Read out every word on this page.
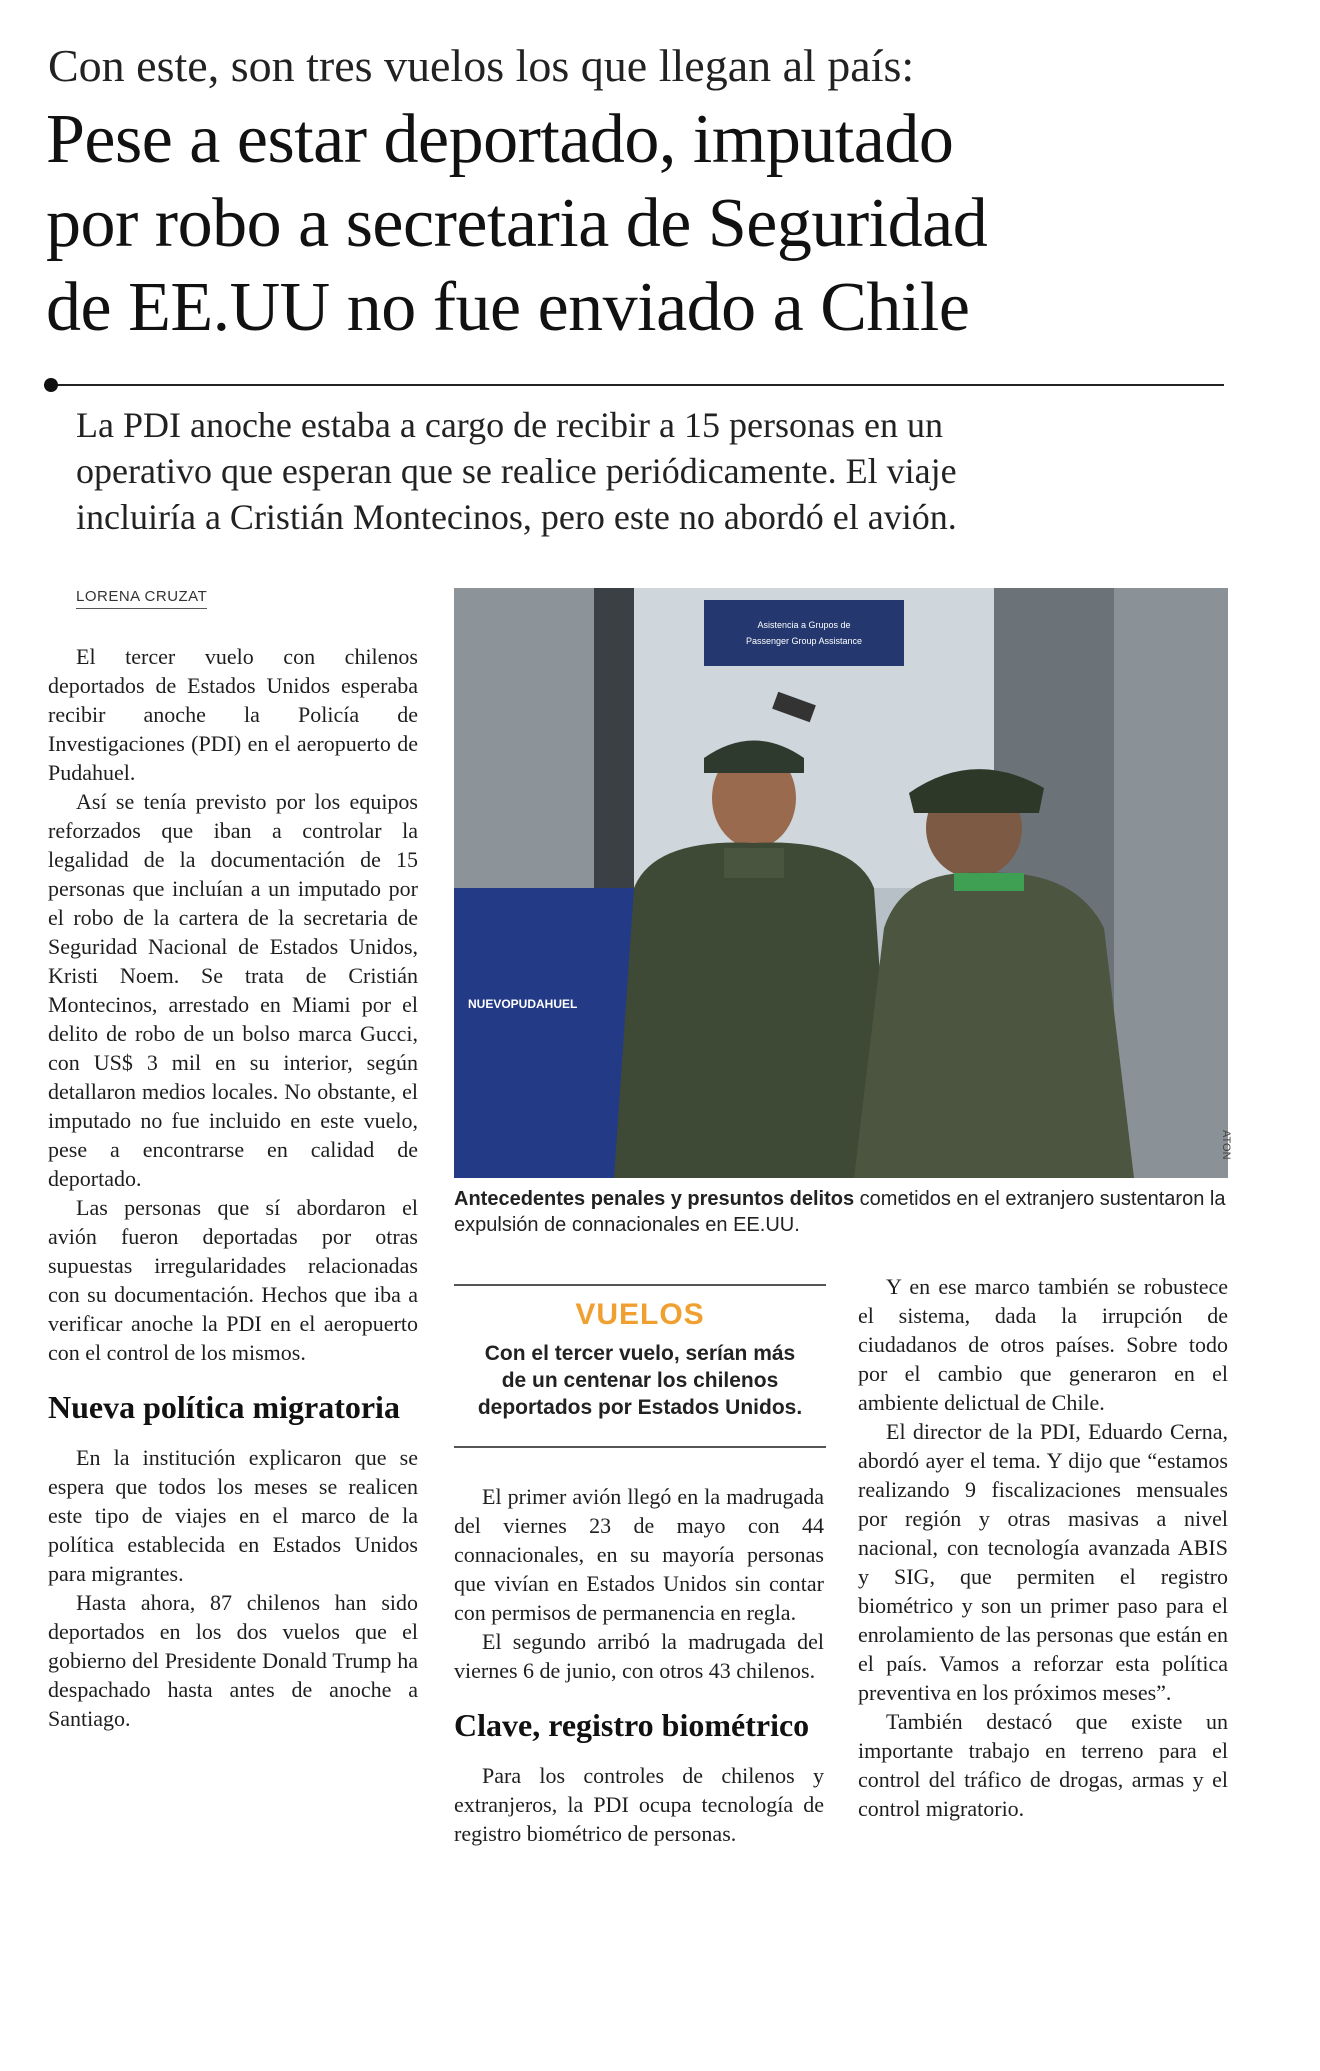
Con este, son tres vuelos los que llegan al país:
Pese a estar deportado, imputado
por robo a secretaria de Seguridad
de EE.UU no fue enviado a Chile
La PDI anoche estaba a cargo de recibir a 15 personas en un
operativo que esperan que se realice periódicamente. El viaje
incluiría a Cristián Montecinos, pero este no abordó el avión.
LORENA CRUZAT

El tercer vuelo con chilenos deportados de Estados Unidos esperaba recibir anoche la Policía de Investigaciones (PDI) en el aeropuerto de Pudahuel.

Así se tenía previsto por los equipos reforzados que iban a controlar la legalidad de la documentación de 15 personas que incluían a un imputado por el robo de la cartera de la secretaria de Seguridad Nacional de Estados Unidos, Kristi Noem. Se trata de Cristián Montecinos, arrestado en Miami por el delito de robo de un bolso marca Gucci, con US$ 3 mil en su interior, según detallaron medios locales. No obstante, el imputado no fue incluido en este vuelo, pese a encontrarse en calidad de deportado.

Las personas que sí abordaron el avión fueron deportadas por otras supuestas irregularidades relacionadas con su documentación. Hechos que iba a verificar anoche la PDI en el aeropuerto con el control de los mismos.

Nueva política migratoria

En la institución explicaron que se espera que todos los meses se realicen este tipo de viajes en el marco de la política establecida en Estados Unidos para migrantes.

Hasta ahora, 87 chilenos han sido deportados en los dos vuelos que el gobierno del Presidente Donald Trump ha despachado hasta antes de anoche a Santiago.

Asistencia a Grupos de
Passenger Group Assistance
NUEVOPUDAHUEL
ATON
Antecedentes penales y presuntos delitos cometidos en el extranjero sustentaron la expulsión de connacionales en EE.UU.
VUELOS
Con el tercer vuelo, serían más de un centenar los chilenos deportados por Estados Unidos.

El primer avión llegó en la madrugada del viernes 23 de mayo con 44 connacionales, en su mayoría personas que vivían en Estados Unidos sin contar con permisos de permanencia en regla.

El segundo arribó la madrugada del viernes 6 de junio, con otros 43 chilenos.

Clave, registro biométrico

Para los controles de chilenos y extranjeros, la PDI ocupa tecnología de registro biométrico de personas.

Y en ese marco también se robustece el sistema, dada la irrupción de ciudadanos de otros países. Sobre todo por el cambio que generaron en el ambiente delictual de Chile.

El director de la PDI, Eduardo Cerna, abordó ayer el tema. Y dijo que “estamos realizando 9 fiscalizaciones mensuales por región y otras masivas a nivel nacional, con tecnología avanzada ABIS y SIG, que permiten el registro biométrico y son un primer paso para el enrolamiento de las personas que están en el país. Vamos a reforzar esta política preventiva en los próximos meses”.

También destacó que existe un importante trabajo en terreno para el control del tráfico de drogas, armas y el control migratorio.
